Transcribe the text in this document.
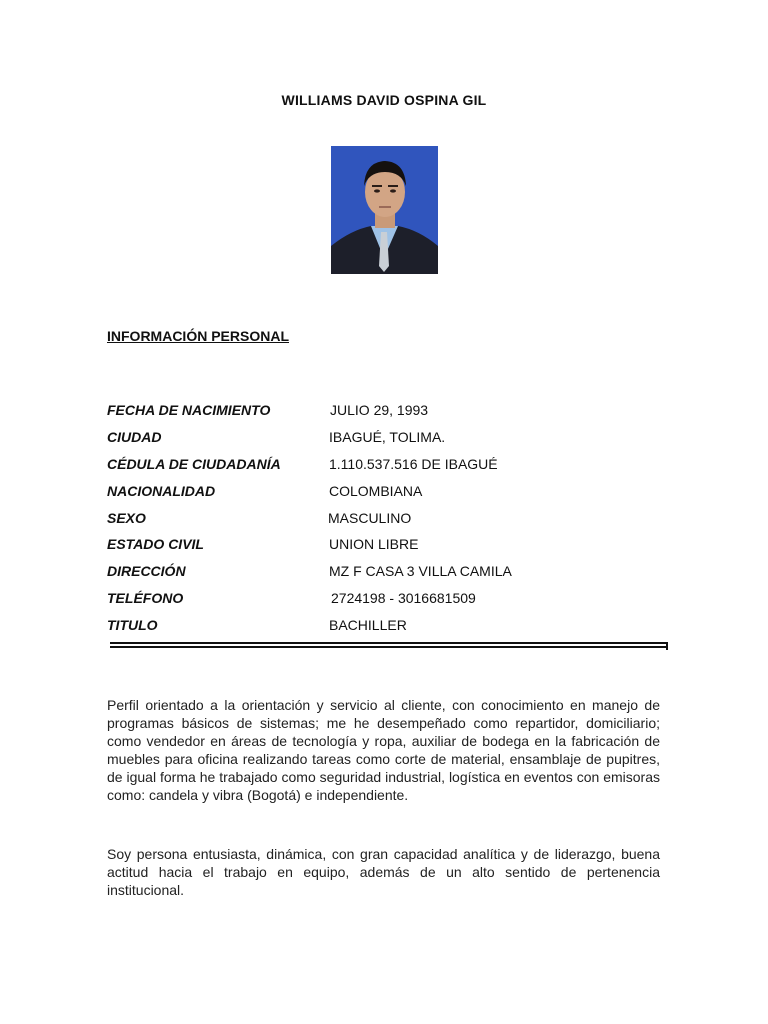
WILLIAMS DAVID OSPINA GIL
INFORMACIÓN PERSONAL
FECHA DE NACIMIENTO	JULIO 29, 1993
CIUDAD	IBAGUÉ, TOLIMA.
CÉDULA DE CIUDADANÍA	1.110.537.516 DE IBAGUÉ
NACIONALIDAD	COLOMBIANA
SEXO	MASCULINO
ESTADO CIVIL	UNION LIBRE
DIRECCIÓN	MZ F CASA 3 VILLA CAMILA
TELÉFONO	2724198 - 3016681509
TITULO	BACHILLER
Perfil orientado a la orientación y servicio al cliente, con conocimiento en manejo de programas básicos de sistemas; me he desempeñado como repartidor, domiciliario; como vendedor en áreas de tecnología y ropa, auxiliar de bodega en la fabricación de muebles para oficina realizando tareas como corte de material, ensamblaje de pupitres, de igual forma he trabajado como seguridad industrial, logística en eventos con emisoras como: candela y vibra (Bogotá) e independiente.
Soy persona entusiasta, dinámica, con gran capacidad analítica y de liderazgo, buena actitud hacia el trabajo en equipo, además de un alto sentido de pertenencia institucional.
